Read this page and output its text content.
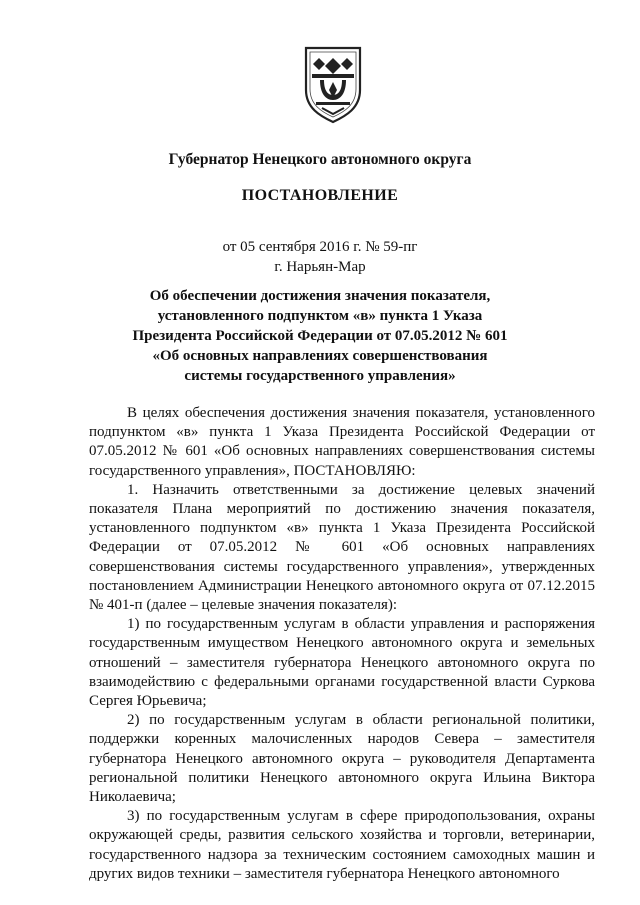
Губернатор Ненецкого автономного округа
ПОСТАНОВЛЕНИЕ
от 05 сентября 2016 г. № 59-пг
г. Нарьян-Мар
Об обеспечении достижения значения показателя,
установленного подпунктом «в» пункта 1 Указа
Президента Российской Федерации от 07.05.2012 № 601
«Об основных направлениях совершенствования
системы государственного управления»

В целях обеспечения достижения значения показателя, установленного подпунктом «в» пункта 1 Указа Президента Российской Федерации от 07.05.2012 № 601 «Об основных направлениях совершенствования системы государственного управления», ПОСТАНОВЛЯЮ:

1. Назначить ответственными за достижение целевых значений показателя Плана мероприятий по достижению значения показателя, установленного подпунктом «в» пункта 1 Указа Президента Российской Федерации от 07.05.2012 № 601 «Об основных направлениях совершенствования системы государственного управления», утвержденных постановлением Администрации Ненецкого автономного округа от 07.12.2015 № 401-п (далее – целевые значения показателя):

1) по государственным услугам в области управления и распоряжения государственным имуществом Ненецкого автономного округа и земельных отношений – заместителя губернатора Ненецкого автономного округа по взаимодействию с федеральными органами государственной власти Суркова Сергея Юрьевича;

2) по государственным услугам в области региональной политики, поддержки коренных малочисленных народов Севера – заместителя губернатора Ненецкого автономного округа – руководителя Департамента региональной политики Ненецкого автономного округа Ильина Виктора Николаевича;

3) по государственным услугам в сфере природопользования, охраны окружающей среды, развития сельского хозяйства и торговли, ветеринарии, государственного надзора за техническим состоянием самоходных машин и других видов техники – заместителя губернатора Ненецкого автономного
